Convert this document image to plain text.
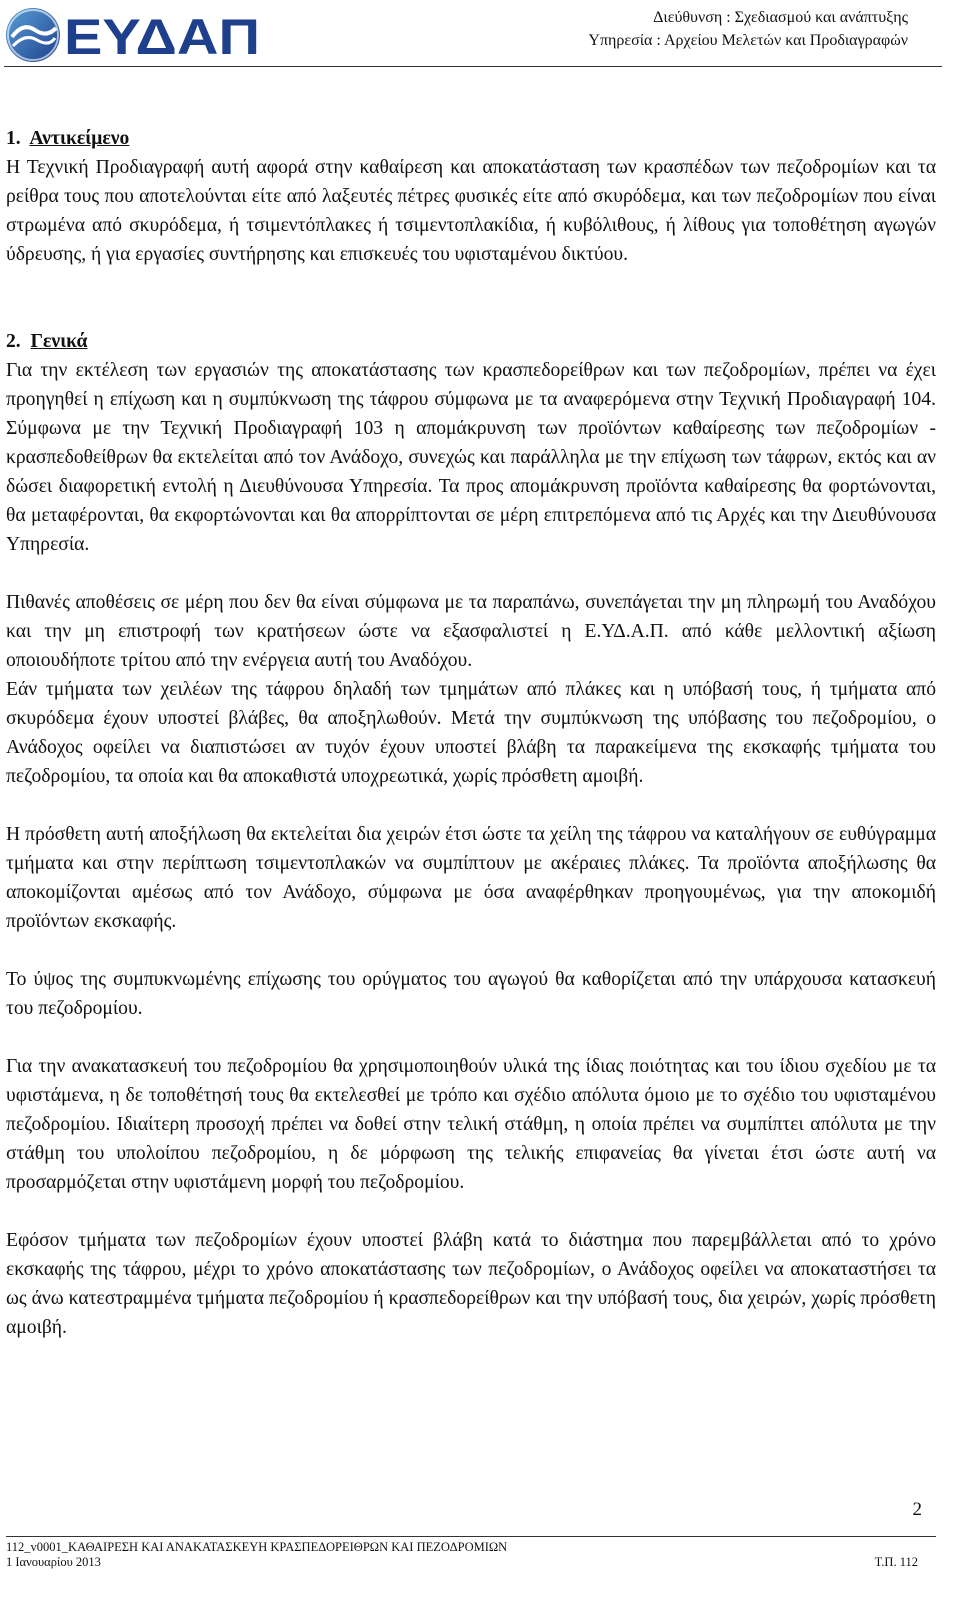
ΕΥΔΑΠ	Διεύθυνση : Σχεδιασμού και ανάπτυξης
Υπηρεσία : Αρχείου Μελετών και Προδιαγραφών

1. Αντικείμενο

Η Τεχνική Προδιαγραφή αυτή αφορά στην καθαίρεση και αποκατάσταση των κρασπέδων των πεζοδρομίων και τα ρείθρα τους που αποτελούνται είτε από λαξευτές πέτρες φυσικές είτε από σκυρόδεμα, και των πεζοδρομίων που είναι στρωμένα από σκυρόδεμα, ή τσιμεντόπλακες ή τσιμεντοπλακίδια, ή κυβόλιθους, ή λίθους για τοποθέτηση αγωγών ύδρευσης, ή για εργασίες συντήρησης και επισκευές του υφισταμένου δικτύου.

2. Γενικά

Για την εκτέλεση των εργασιών της αποκατάστασης των κρασπεδορείθρων και των πεζοδρομίων, πρέπει να έχει προηγηθεί η επίχωση και η συμπύκνωση της τάφρου σύμφωνα με τα αναφερόμενα στην Τεχνική Προδιαγραφή 104. Σύμφωνα με την Τεχνική Προδιαγραφή 103 η απομάκρυνση των προϊόντων καθαίρεσης των πεζοδρομίων - κρασπεδοθείθρων θα εκτελείται από τον Ανάδοχο, συνεχώς και παράλληλα με την επίχωση των τάφρων, εκτός και αν δώσει διαφορετική εντολή η Διευθύνουσα Υπηρεσία. Τα προς απομάκρυνση προϊόντα καθαίρεσης θα φορτώνονται, θα μεταφέρονται, θα εκφορτώνονται και θα απορρίπτονται σε μέρη επιτρεπόμενα από τις Αρχές και την Διευθύνουσα Υπηρεσία.

Πιθανές αποθέσεις σε μέρη που δεν θα είναι σύμφωνα με τα παραπάνω, συνεπάγεται την μη πληρωμή του Αναδόχου και την μη επιστροφή των κρατήσεων ώστε να εξασφαλιστεί η Ε.ΥΔ.Α.Π. από κάθε μελλοντική αξίωση οποιουδήποτε τρίτου από την ενέργεια αυτή του Αναδόχου.

Εάν τμήματα των χειλέων της τάφρου δηλαδή των τμημάτων από πλάκες και η υπόβασή τους, ή τμήματα από σκυρόδεμα έχουν υποστεί βλάβες, θα αποξηλωθούν. Μετά την συμπύκνωση της υπόβασης του πεζοδρομίου, ο Ανάδοχος οφείλει να διαπιστώσει αν τυχόν έχουν υποστεί βλάβη τα παρακείμενα της εκσκαφής τμήματα του πεζοδρομίου, τα οποία και θα αποκαθιστά υποχρεωτικά, χωρίς πρόσθετη αμοιβή.

Η πρόσθετη αυτή αποξήλωση θα εκτελείται δια χειρών έτσι ώστε τα χείλη της τάφρου να καταλήγουν σε ευθύγραμμα τμήματα και στην περίπτωση τσιμεντοπλακών να συμπίπτουν με ακέραιες πλάκες. Τα προϊόντα αποξήλωσης θα αποκομίζονται αμέσως από τον Ανάδοχο, σύμφωνα με όσα αναφέρθηκαν προηγουμένως, για την αποκομιδή προϊόντων εκσκαφής.

Το ύψος της συμπυκνωμένης επίχωσης του ορύγματος του αγωγού θα καθορίζεται από την υπάρχουσα κατασκευή του πεζοδρομίου.

Για την ανακατασκευή του πεζοδρομίου θα χρησιμοποιηθούν υλικά της ίδιας ποιότητας και του ίδιου σχεδίου με τα υφιστάμενα, η δε τοποθέτησή τους θα εκτελεσθεί με τρόπο και σχέδιο απόλυτα όμοιο με το σχέδιο του υφισταμένου πεζοδρομίου. Ιδιαίτερη προσοχή πρέπει να δοθεί στην τελική στάθμη, η οποία πρέπει να συμπίπτει απόλυτα με την στάθμη του υπολοίπου πεζοδρομίου, η δε μόρφωση της τελικής επιφανείας θα γίνεται έτσι ώστε αυτή να προσαρμόζεται στην υφιστάμενη μορφή του πεζοδρομίου.

Εφόσον τμήματα των πεζοδρομίων έχουν υποστεί βλάβη κατά το διάστημα που παρεμβάλλεται από το χρόνο εκσκαφής της τάφρου, μέχρι το χρόνο αποκατάστασης των πεζοδρομίων, ο Ανάδοχος οφείλει να αποκαταστήσει τα ως άνω κατεστραμμένα τμήματα πεζοδρομίου ή κρασπεδορείθρων και την υπόβασή τους, δια χειρών, χωρίς πρόσθετη αμοιβή.

2
112_v0001_ΚΑΘΑΙΡΕΣΗ ΚΑΙ ΑΝΑΚΑΤΑΣΚΕΥΗ ΚΡΑΣΠΕΔΟΡΕΙΘΡΩΝ ΚΑΙ ΠΕΖΟΔΡΟΜΙΩΝ
1 Ιανουαρίου 2013	Τ.Π. 112
